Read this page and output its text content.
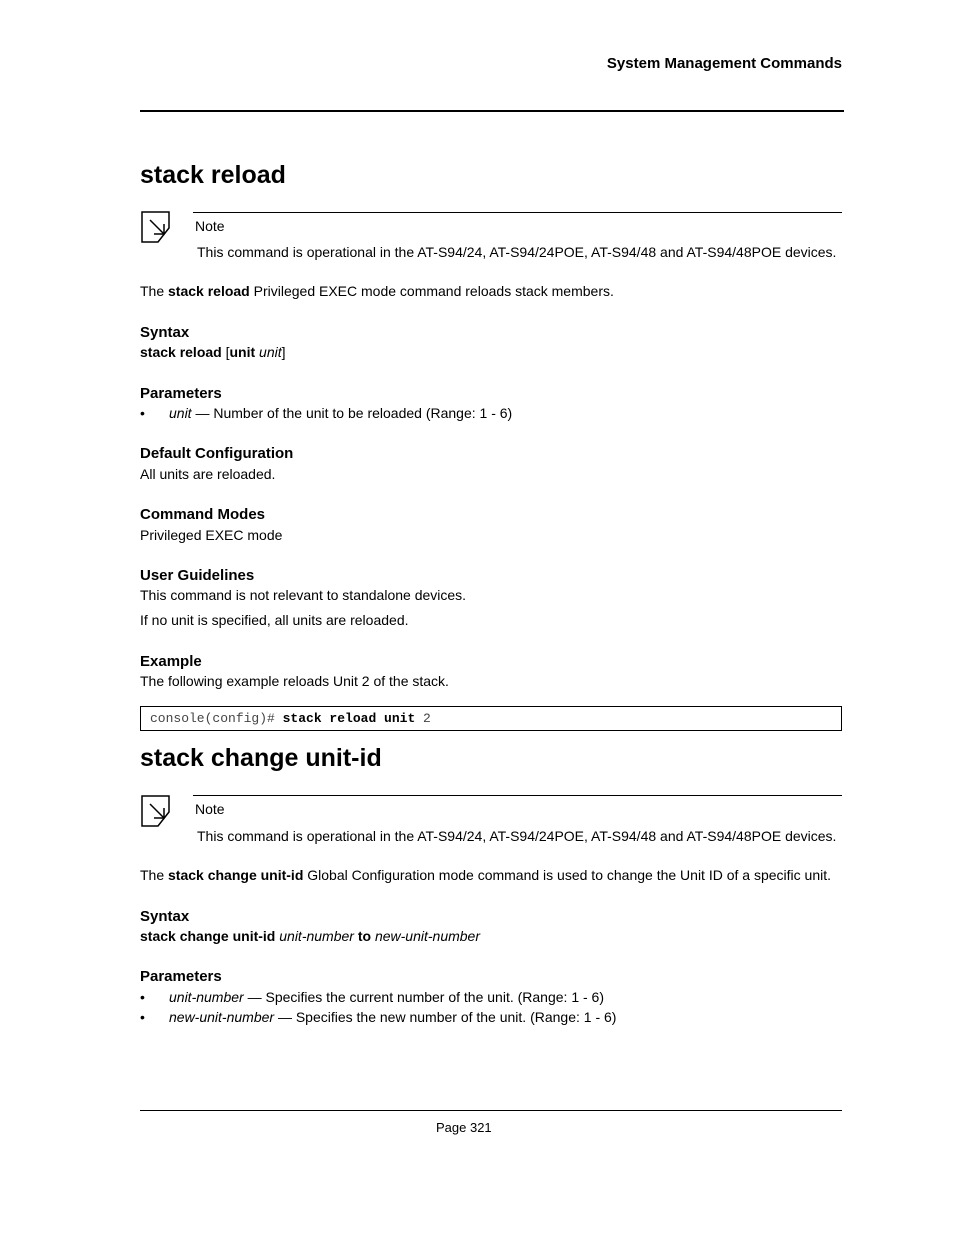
System Management Commands
stack reload
Note
This command is operational in the AT-S94/24, AT-S94/24POE, AT-S94/48 and AT-S94/48POE devices.
The stack reload Privileged EXEC mode command reloads stack members.
Syntax
stack reload [unit unit]
Parameters
• unit — Number of the unit to be reloaded (Range: 1 - 6)
Default Configuration
All units are reloaded.
Command Modes
Privileged EXEC mode
User Guidelines
This command is not relevant to standalone devices.
If no unit is specified, all units are reloaded.
Example
The following example reloads Unit 2 of the stack.
console(config)# stack reload unit 2
stack change unit-id
Note
This command is operational in the AT-S94/24, AT-S94/24POE, AT-S94/48 and AT-S94/48POE devices.
The stack change unit-id Global Configuration mode command is used to change the Unit ID of a specific unit.
Syntax
stack change unit-id unit-number to new-unit-number
Parameters
• unit-number — Specifies the current number of the unit. (Range: 1 - 6)
• new-unit-number — Specifies the new number of the unit. (Range: 1 - 6)
Page 321
